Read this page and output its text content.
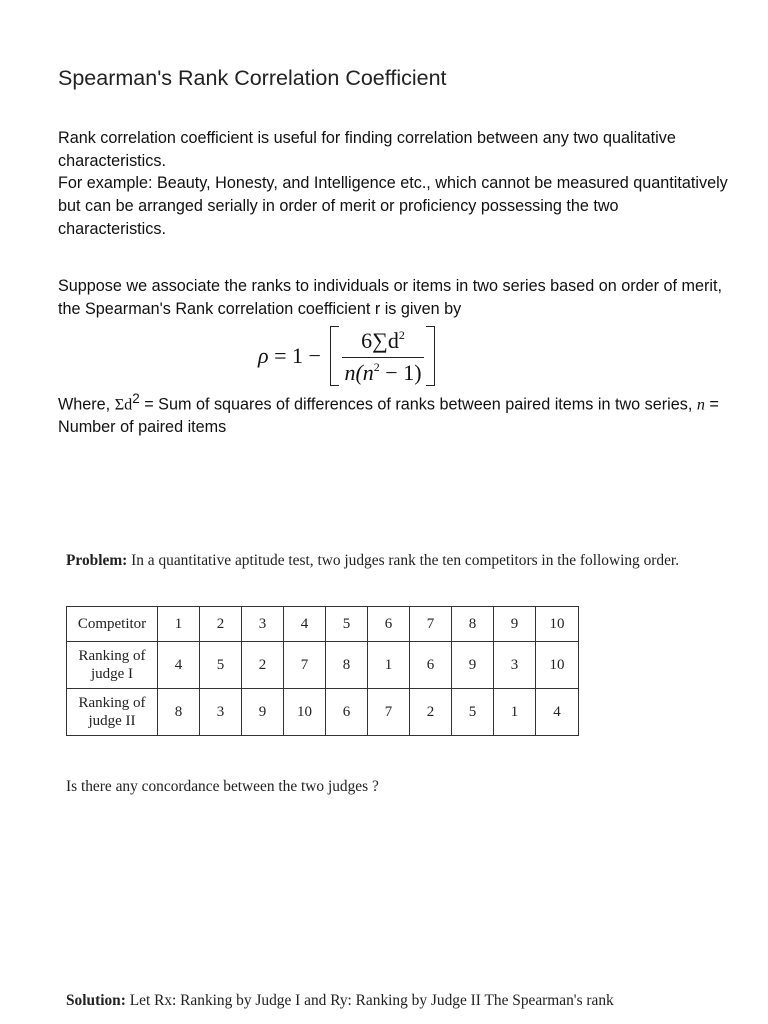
Spearman's Rank Correlation Coefficient

Rank correlation coefficient is useful for finding correlation between any two qualitative characteristics.

For example: Beauty, Honesty, and Intelligence etc., which cannot be measured quantitatively but can be arranged serially in order of merit or proficiency possessing the two characteristics.

Suppose we associate the ranks to individuals or items in two series based on order of merit, the Spearman's Rank correlation coefficient r is given by

ρ = 1 −
$6\sum d^2$
$n(n^2 - 1)$

Where, $\Sigma d^2$ = Sum of squares of differences of ranks between paired items in two series, n = Number of paired items

Problem: In a quantitative aptitude test, two judges rank the ten competitors in the following order.

Competitor	1	2	3	4	5	6	7	8	9	10
Ranking of
judge I	4	5	2	7	8	1	6	9	3	10
Ranking of
judge II	8	3	9	10	6	7	2	5	1	4

Is there any concordance between the two judges ?

Solution: Let Rx: Ranking by Judge I and Ry: Ranking by Judge II The Spearman's rank
